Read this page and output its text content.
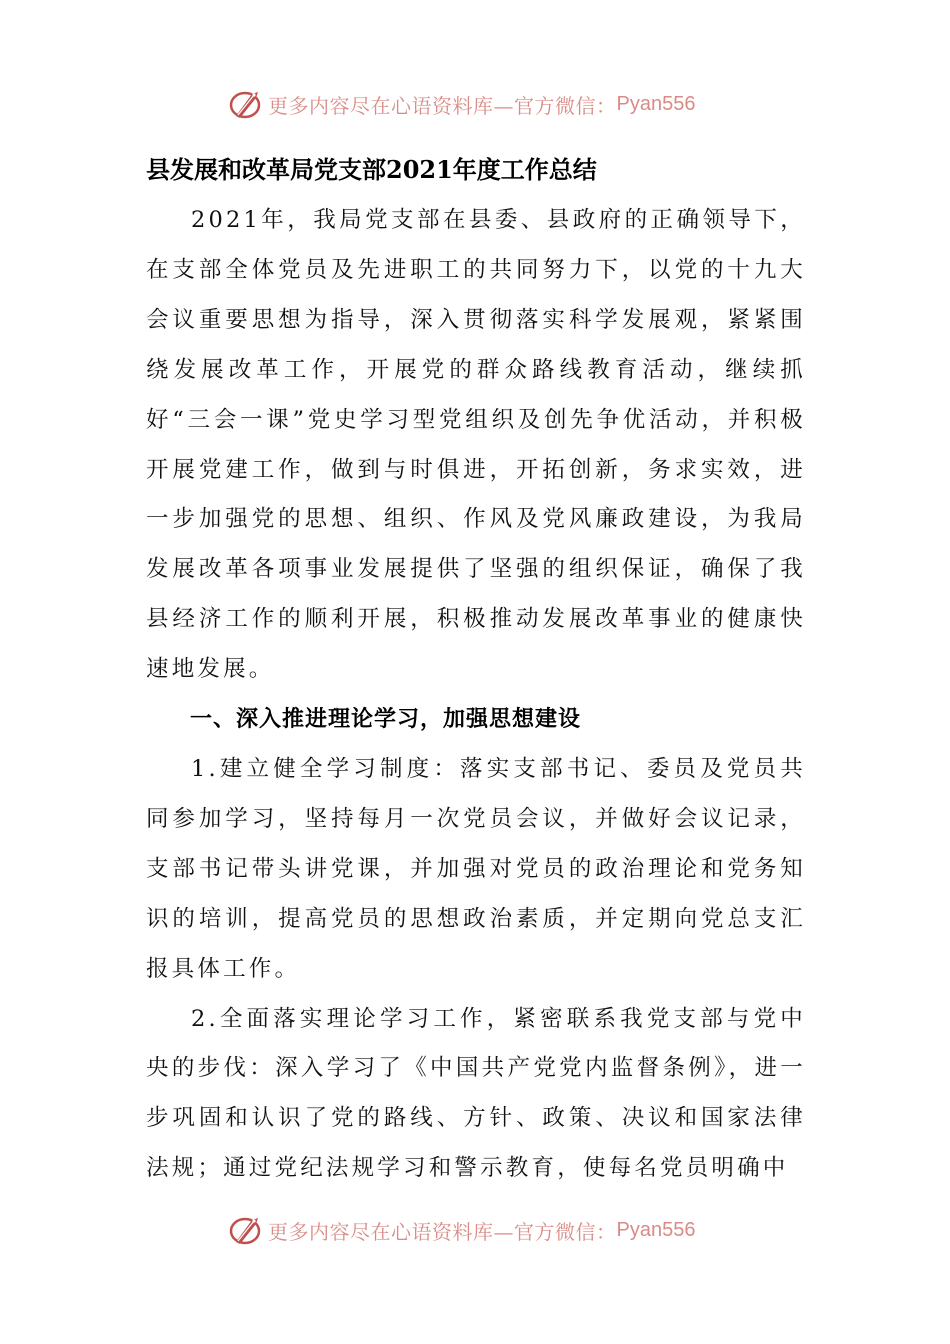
更多内容尽在心语资料库—官方微信： Pyan556
县发展和改革局党支部2021年度工作总结

2021年，我局党支部在县委、县政府的正确领导下，在支部全体党员及先进职工的共同努力下，以党的十九大会议重要思想为指导，深入贯彻落实科学发展观，紧紧围绕发展改革工作，开展党的群众路线教育活动，继续抓好“三会一课”党史学习型党组织及创先争优活动，并积极开展党建工作，做到与时俱进，开拓创新，务求实效，进一步加强党的思想、组织、作风及党风廉政建设，为我局发展改革各项事业发展提供了坚强的组织保证，确保了我县经济工作的顺利开展，积极推动发展改革事业的健康快速地发展。

一、深入推进理论学习，加强思想建设

1.建立健全学习制度：落实支部书记、委员及党员共同参加学习，坚持每月一次党员会议，并做好会议记录，支部书记带头讲党课，并加强对党员的政治理论和党务知识的培训，提高党员的思想政治素质，并定期向党总支汇报具体工作。

2.全面落实理论学习工作，紧密联系我党支部与党中央的步伐：深入学习了《中国共产党党内监督条例》，进一步巩固和认识了党的路线、方针、政策、决议和国家法律法规；通过党纪法规学习和警示教育，使每名党员明确中

更多内容尽在心语资料库—官方微信： Pyan556
